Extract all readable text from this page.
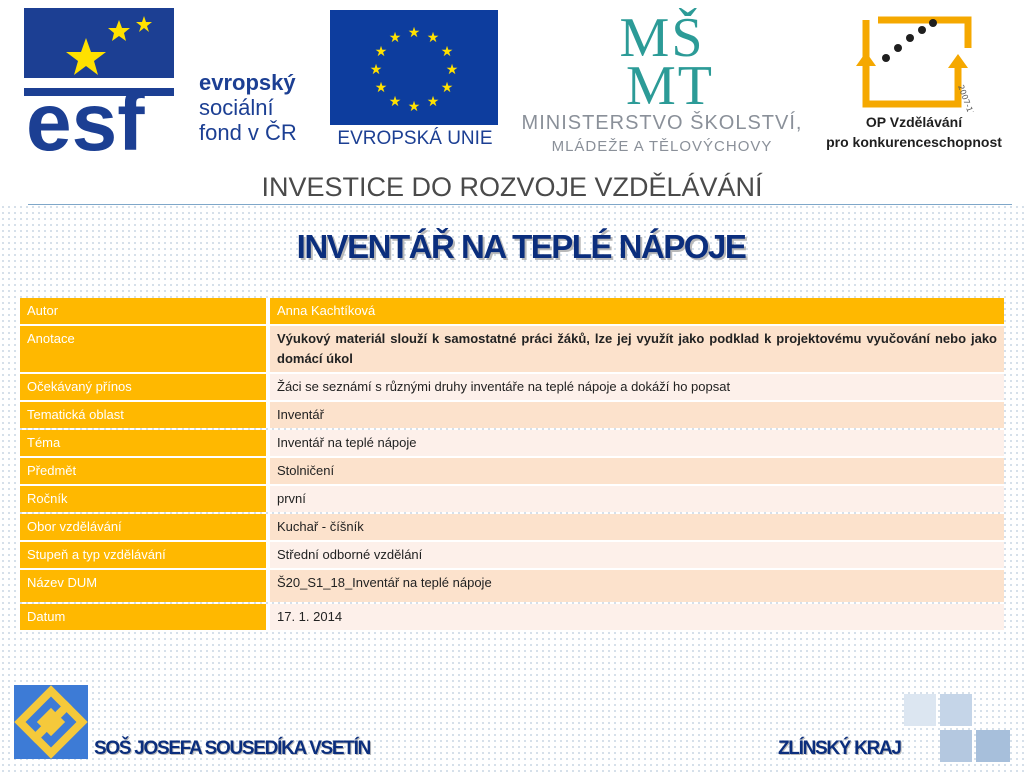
esf evropský
sociální
fond v ČR
★ ★
★
★
★
★
★
★
★
★
★
★
EVROPSKÁ UNIE
MŠ
MT
MINISTERSTVO ŠKOLSTVÍ,
MLÁDEŽE A TĚLOVÝCHOVY
2007-13
OP Vzdělávání
pro konkurenceschopnost
INVESTICE DO ROZVOJE VZDĚLÁVÁNÍ
INVENTÁŘ NA TEPLÉ NÁPOJE
Autor	Anna Kachtíková
Anotace	Výukový materiál slouží k samostatné práci žáků, lze jej využít jako podklad k projektovému vyučování nebo jako domácí úkol
Očekávaný přínos	Žáci se seznámí s různými druhy inventáře na teplé nápoje a dokáží ho popsat
Tematická oblast	Inventář
Téma	Inventář na teplé nápoje
Předmět	Stolničení
Ročník	první
Obor vzdělávání	Kuchař - číšník
Stupeň a typ vzdělávání	Střední odborné vzdělání
Název DUM	Š20_S1_18_Inventář na teplé nápoje
Datum	17. 1. 2014
SOŠ JOSEFA SOUSEDÍKA VSETÍN	ZLÍNSKÝ KRAJ
